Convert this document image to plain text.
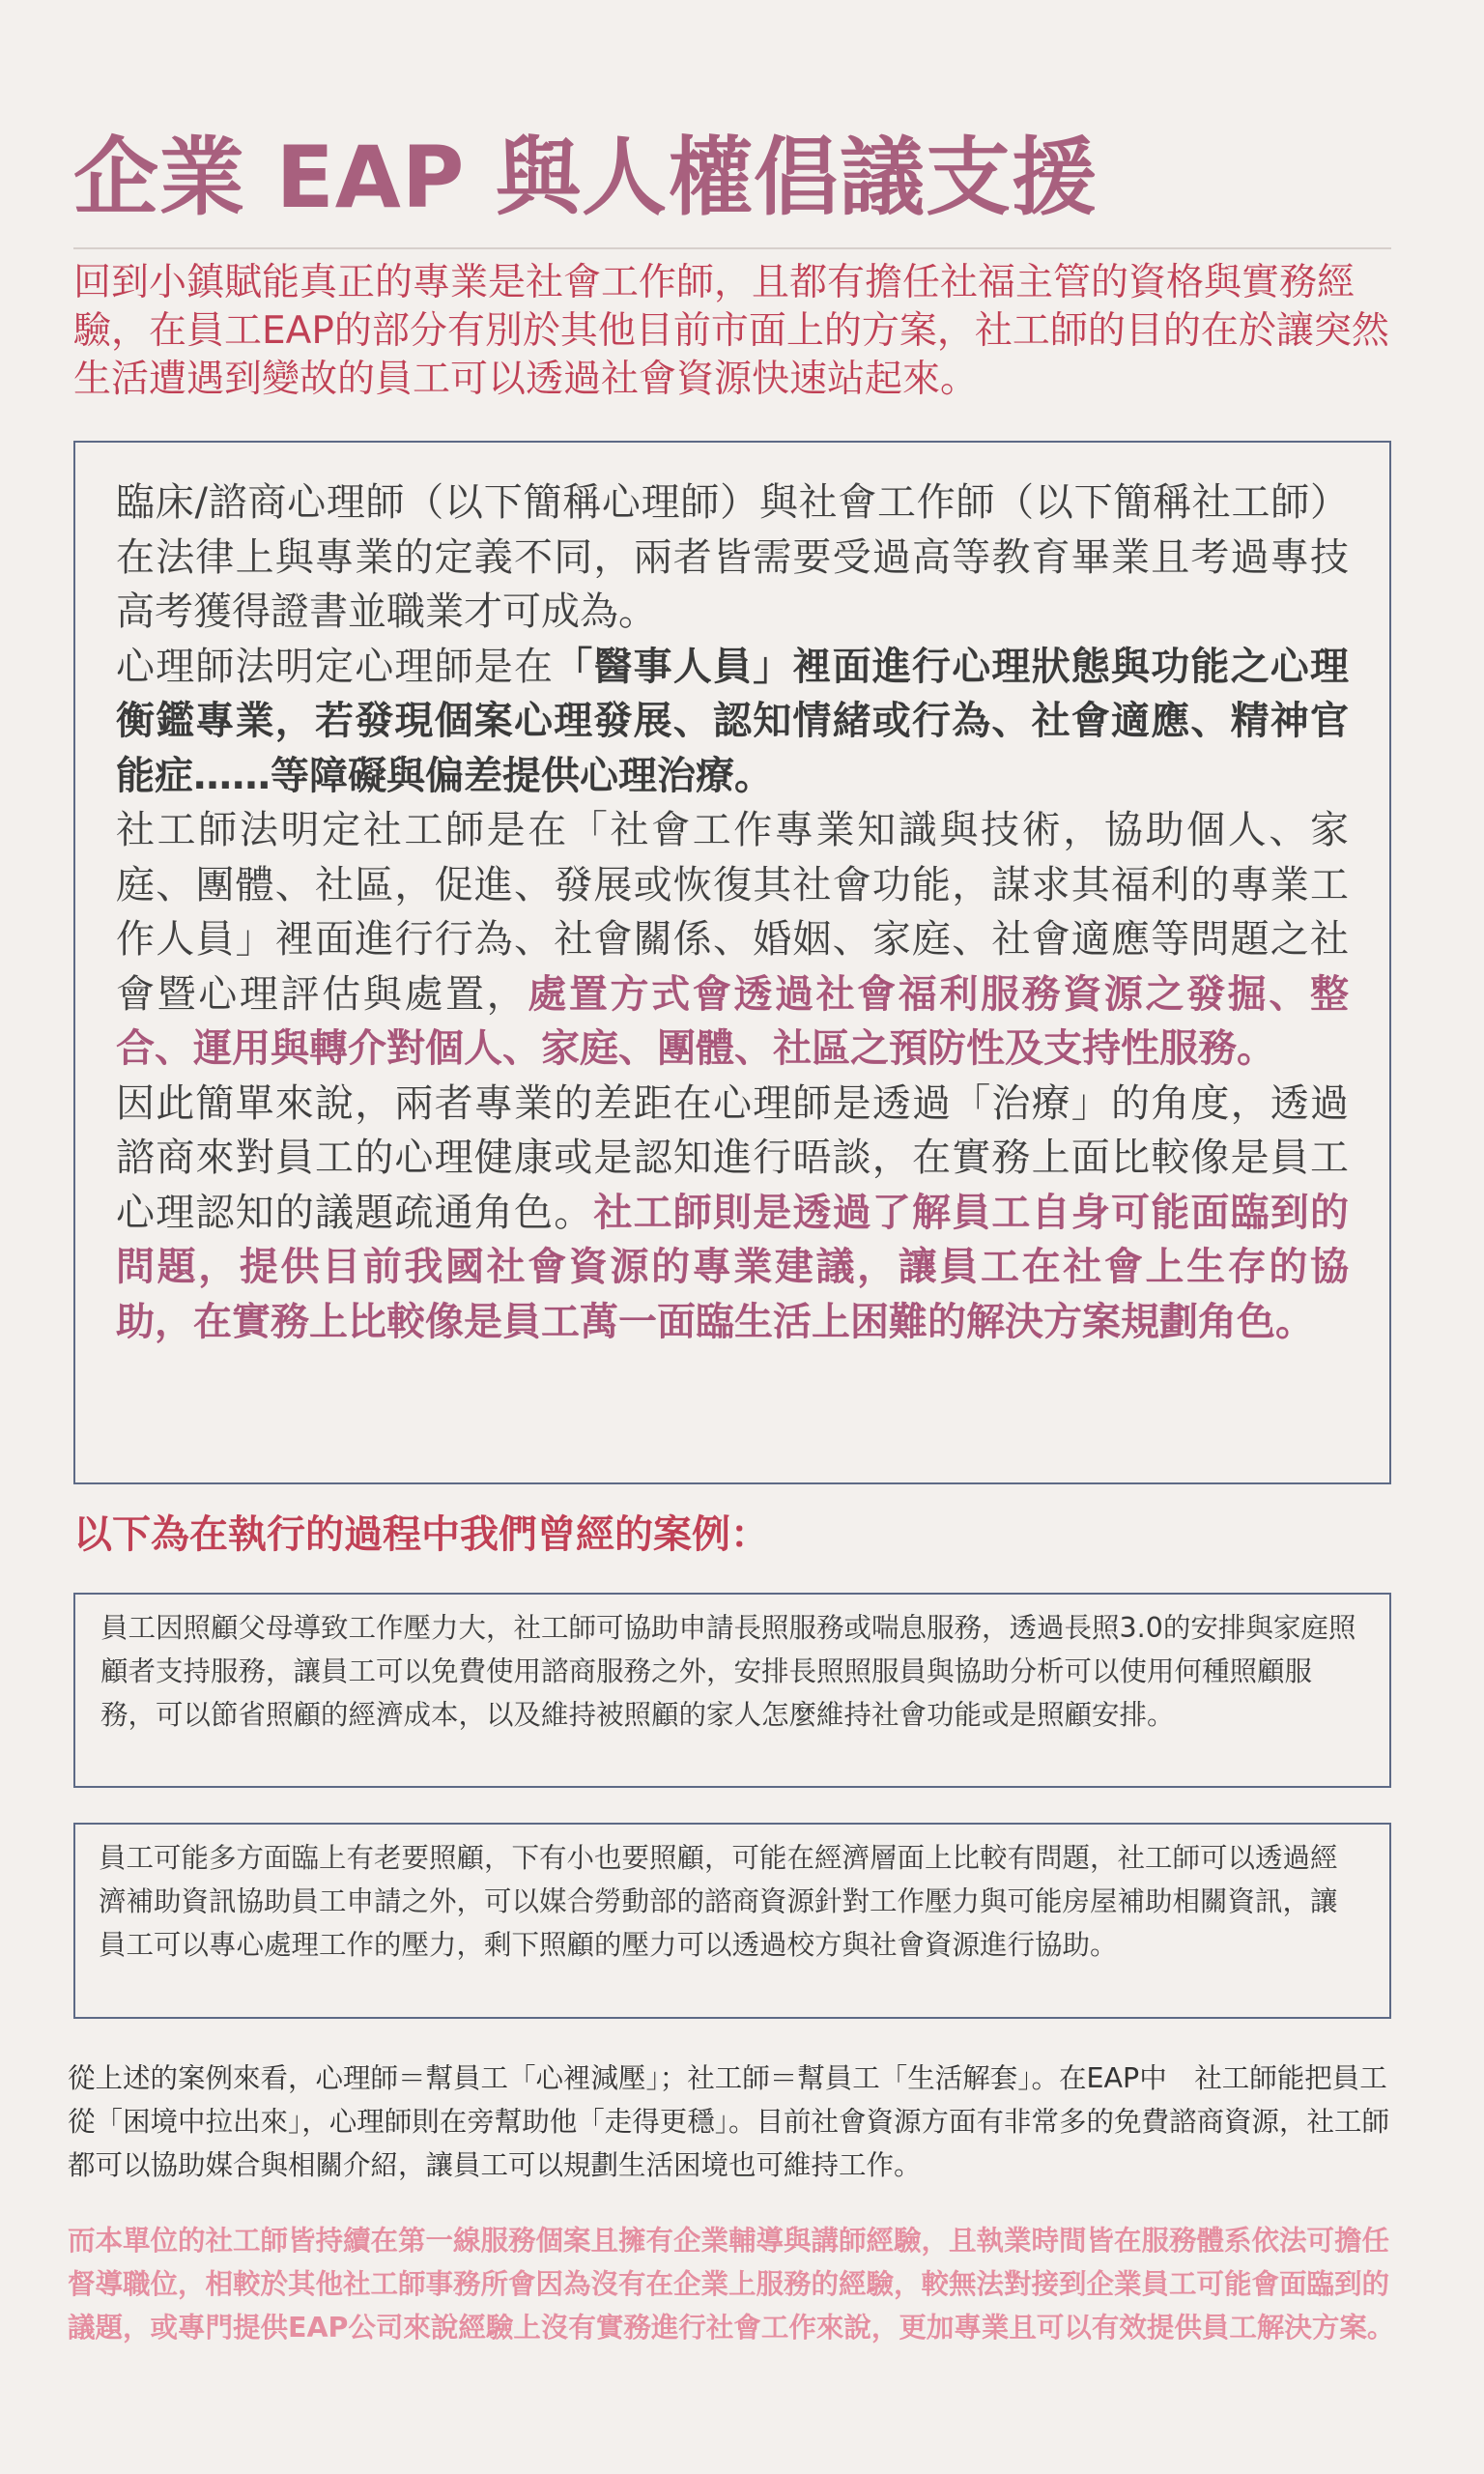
企業 EAP 與人權倡議支援

回到小鎮賦能真正的專業是社會工作師，且都有擔任社福主管的資格與實務經驗，在員工EAP的部分有別於其他目前市面上的方案，社工師的目的在於讓突然生活遭遇到變故的員工可以透過社會資源快速站起來。

臨床/諮商心理師（以下簡稱心理師）與社會工作師（以下簡稱社工師）在法律上與專業的定義不同，兩者皆需要受過高等教育畢業且考過專技高考獲得證書並職業才可成為。

心理師法明定心理師是在「醫事人員」裡面進行心理狀態與功能之心理衡鑑專業，若發現個案心理發展、認知情緒或行為、社會適應、精神官能症……等障礙與偏差提供心理治療。

社工師法明定社工師是在「社會工作專業知識與技術，協助個人、家庭、團體、社區，促進、發展或恢復其社會功能，謀求其福利的專業工作人員」裡面進行行為、社會關係、婚姻、家庭、社會適應等問題之社會暨心理評估與處置，處置方式會透過社會福利服務資源之發掘、整合、運用與轉介對個人、家庭、團體、社區之預防性及支持性服務。

因此簡單來說，兩者專業的差距在心理師是透過「治療」的角度，透過諮商來對員工的心理健康或是認知進行晤談，在實務上面比較像是員工心理認知的議題疏通角色。社工師則是透過了解員工自身可能面臨到的問題，提供目前我國社會資源的專業建議，讓員工在社會上生存的協助，在實務上比較像是員工萬一面臨生活上困難的解決方案規劃角色。

以下為在執行的過程中我們曾經的案例：

員工因照顧父母導致工作壓力大，社工師可協助申請長照服務或喘息服務，透過長照3.0的安排與家庭照顧者支持服務，讓員工可以免費使用諮商服務之外，安排長照照服員與協助分析可以使用何種照顧服務，可以節省照顧的經濟成本，以及維持被照顧的家人怎麼維持社會功能或是照顧安排。

員工可能多方面臨上有老要照顧，下有小也要照顧，可能在經濟層面上比較有問題，社工師可以透過經濟補助資訊協助員工申請之外，可以媒合勞動部的諮商資源針對工作壓力與可能房屋補助相關資訊，讓員工可以專心處理工作的壓力，剩下照顧的壓力可以透過校方與社會資源進行協助。

從上述的案例來看，心理師＝幫員工「心裡減壓」；社工師＝幫員工「生活解套」。在EAP中　社工師能把員工從「困境中拉出來」，心理師則在旁幫助他「走得更穩」。目前社會資源方面有非常多的免費諮商資源，社工師都可以協助媒合與相關介紹，讓員工可以規劃生活困境也可維持工作。

而本單位的社工師皆持續在第一線服務個案且擁有企業輔導與講師經驗，且執業時間皆在服務體系依法可擔任督導職位，相較於其他社工師事務所會因為沒有在企業上服務的經驗，較無法對接到企業員工可能會面臨到的議題，或專門提供EAP公司來說經驗上沒有實務進行社會工作來說，更加專業且可以有效提供員工解決方案。
